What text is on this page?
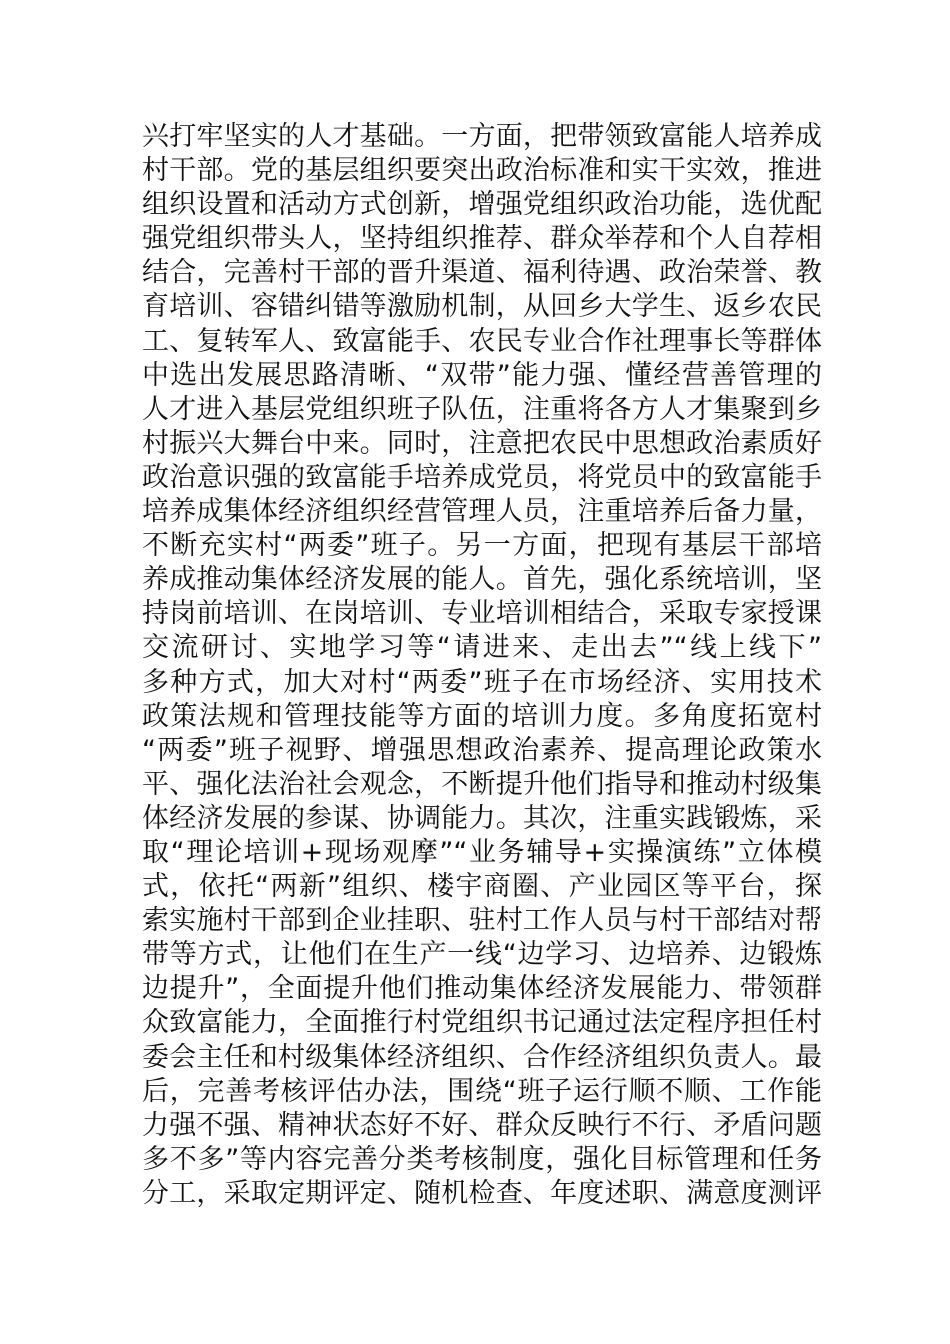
兴打牢坚实的人才基础。一方面，把带领致富能人培养成
村干部。党的基层组织要突出政治标准和实干实效，推进
组织设置和活动方式创新，增强党组织政治功能，选优配
强党组织带头人，坚持组织推荐、群众举荐和个人自荐相
结合，完善村干部的晋升渠道、福利待遇、政治荣誉、教
育培训、容错纠错等激励机制，从回乡大学生、返乡农民
工、复转军人、致富能手、农民专业合作社理事长等群体
中选出发展思路清晰、“双带”能力强、懂经营善管理的
人才进入基层党组织班子队伍，注重将各方人才集聚到乡
村振兴大舞台中来。同时，注意把农民中思想政治素质好
政治意识强的致富能手培养成党员，将党员中的致富能手
培养成集体经济组织经营管理人员，注重培养后备力量，
不断充实村“两委”班子。另一方面，把现有基层干部培
养成推动集体经济发展的能人。首先，强化系统培训，坚
持岗前培训、在岗培训、专业培训相结合，采取专家授课
交流研讨、实地学习等“请进来、走出去”“线上线下”
多种方式，加大对村“两委”班子在市场经济、实用技术
政策法规和管理技能等方面的培训力度。多角度拓宽村
“两委”班子视野、增强思想政治素养、提高理论政策水
平、强化法治社会观念，不断提升他们指导和推动村级集
体经济发展的参谋、协调能力。其次，注重实践锻炼，采
取“理论培训+现场观摩”“业务辅导+实操演练”立体模
式，依托“两新”组织、楼宇商圈、产业园区等平台，探
索实施村干部到企业挂职、驻村工作人员与村干部结对帮
带等方式，让他们在生产一线“边学习、边培养、边锻炼
边提升”，全面提升他们推动集体经济发展能力、带领群
众致富能力，全面推行村党组织书记通过法定程序担任村
委会主任和村级集体经济组织、合作经济组织负责人。最
后，完善考核评估办法，围绕“班子运行顺不顺、工作能
力强不强、精神状态好不好、群众反映行不行、矛盾问题
多不多”等内容完善分类考核制度，强化目标管理和任务
分工，采取定期评定、随机检查、年度述职、满意度测评
